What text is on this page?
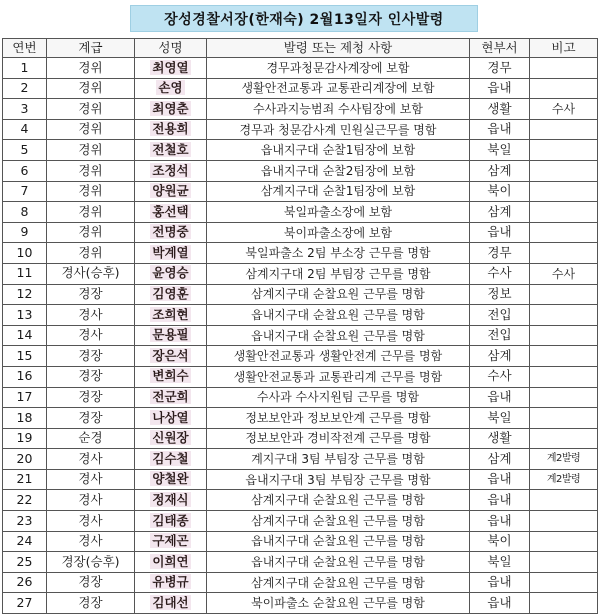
장성경찰서장(한재숙) 2월13일자 인사발령
연번	계급	성명	발령 또는 제청 사항	현부서	비고
1	경위	최영열	경무과청문감사계장에 보함	경무	
2	경위	손영	생활안전교통과 교통관리계장에 보함	읍내	
3	경위	최영춘	수사과지능범죄 수사팀장에 보함	생활	수사
4	경위	전용희	경무과 청문감사계 민원실근무를 명함	읍내	
5	경위	전철호	읍내지구대 순찰1팀장에 보함	북일	
6	경위	조정석	읍내지구대 순찰2팀장에 보함	삼계	
7	경위	양원균	삼계지구대 순찰1팀장에 보함	북이	
8	경위	홍선택	북일파출소장에 보함	삼계	
9	경위	전명중	북이파출소장에 보함	읍내	
10	경위	박계열	북일파출소 2팀 부소장 근무를 명함	경무	
11	경사(승후)	윤영승	삼계지구대 2팀 부팀장 근무를 명함	수사	수사
12	경장	김영훈	삼계지구대 순찰요원 근무를 명함	정보	
13	경사	조희현	읍내지구대 순찰요원 근무를 명함	전입	
14	경사	문용필	읍내지구대 순찰요원 근무를 명함	전입	
15	경장	장은석	생활안전교통과 생활안전계 근무를 명함	삼계	
16	경장	변희수	생활안전교통과 교통관리계 근무를 명함	수사	
17	경장	전군희	수사과 수사지원팀 근무를 명함	읍내	
18	경장	나상열	정보보안과 정보보안계 근무를 명함	북일	
19	순경	신원장	정보보안과 경비작전계 근무를 명함	생활	
20	경사	김수철	계지구대 3팀 부팀장 근무를 명함	삼계	계2발령
21	경사	양철완	읍내지구대 3팀 부팀장 근무를 명함	읍내	계2발령
22	경사	정재식	삼계지구대 순찰요원 근무를 명함	읍내	
23	경사	김태종	삼계지구대 순찰요원 근무를 명함	읍내	
24	경사	구제곤	읍내지구대 순찰요원 근무를 명함	북이	
25	경장(승후)	이희연	읍내지구대 순찰요원 근무를 명함	북일	
26	경장	유병규	삼계지구대 순찰요원 근무를 명함	읍내	
27	경장	김대선	북이파출소 순찰요원 근무를 명함	읍내	
